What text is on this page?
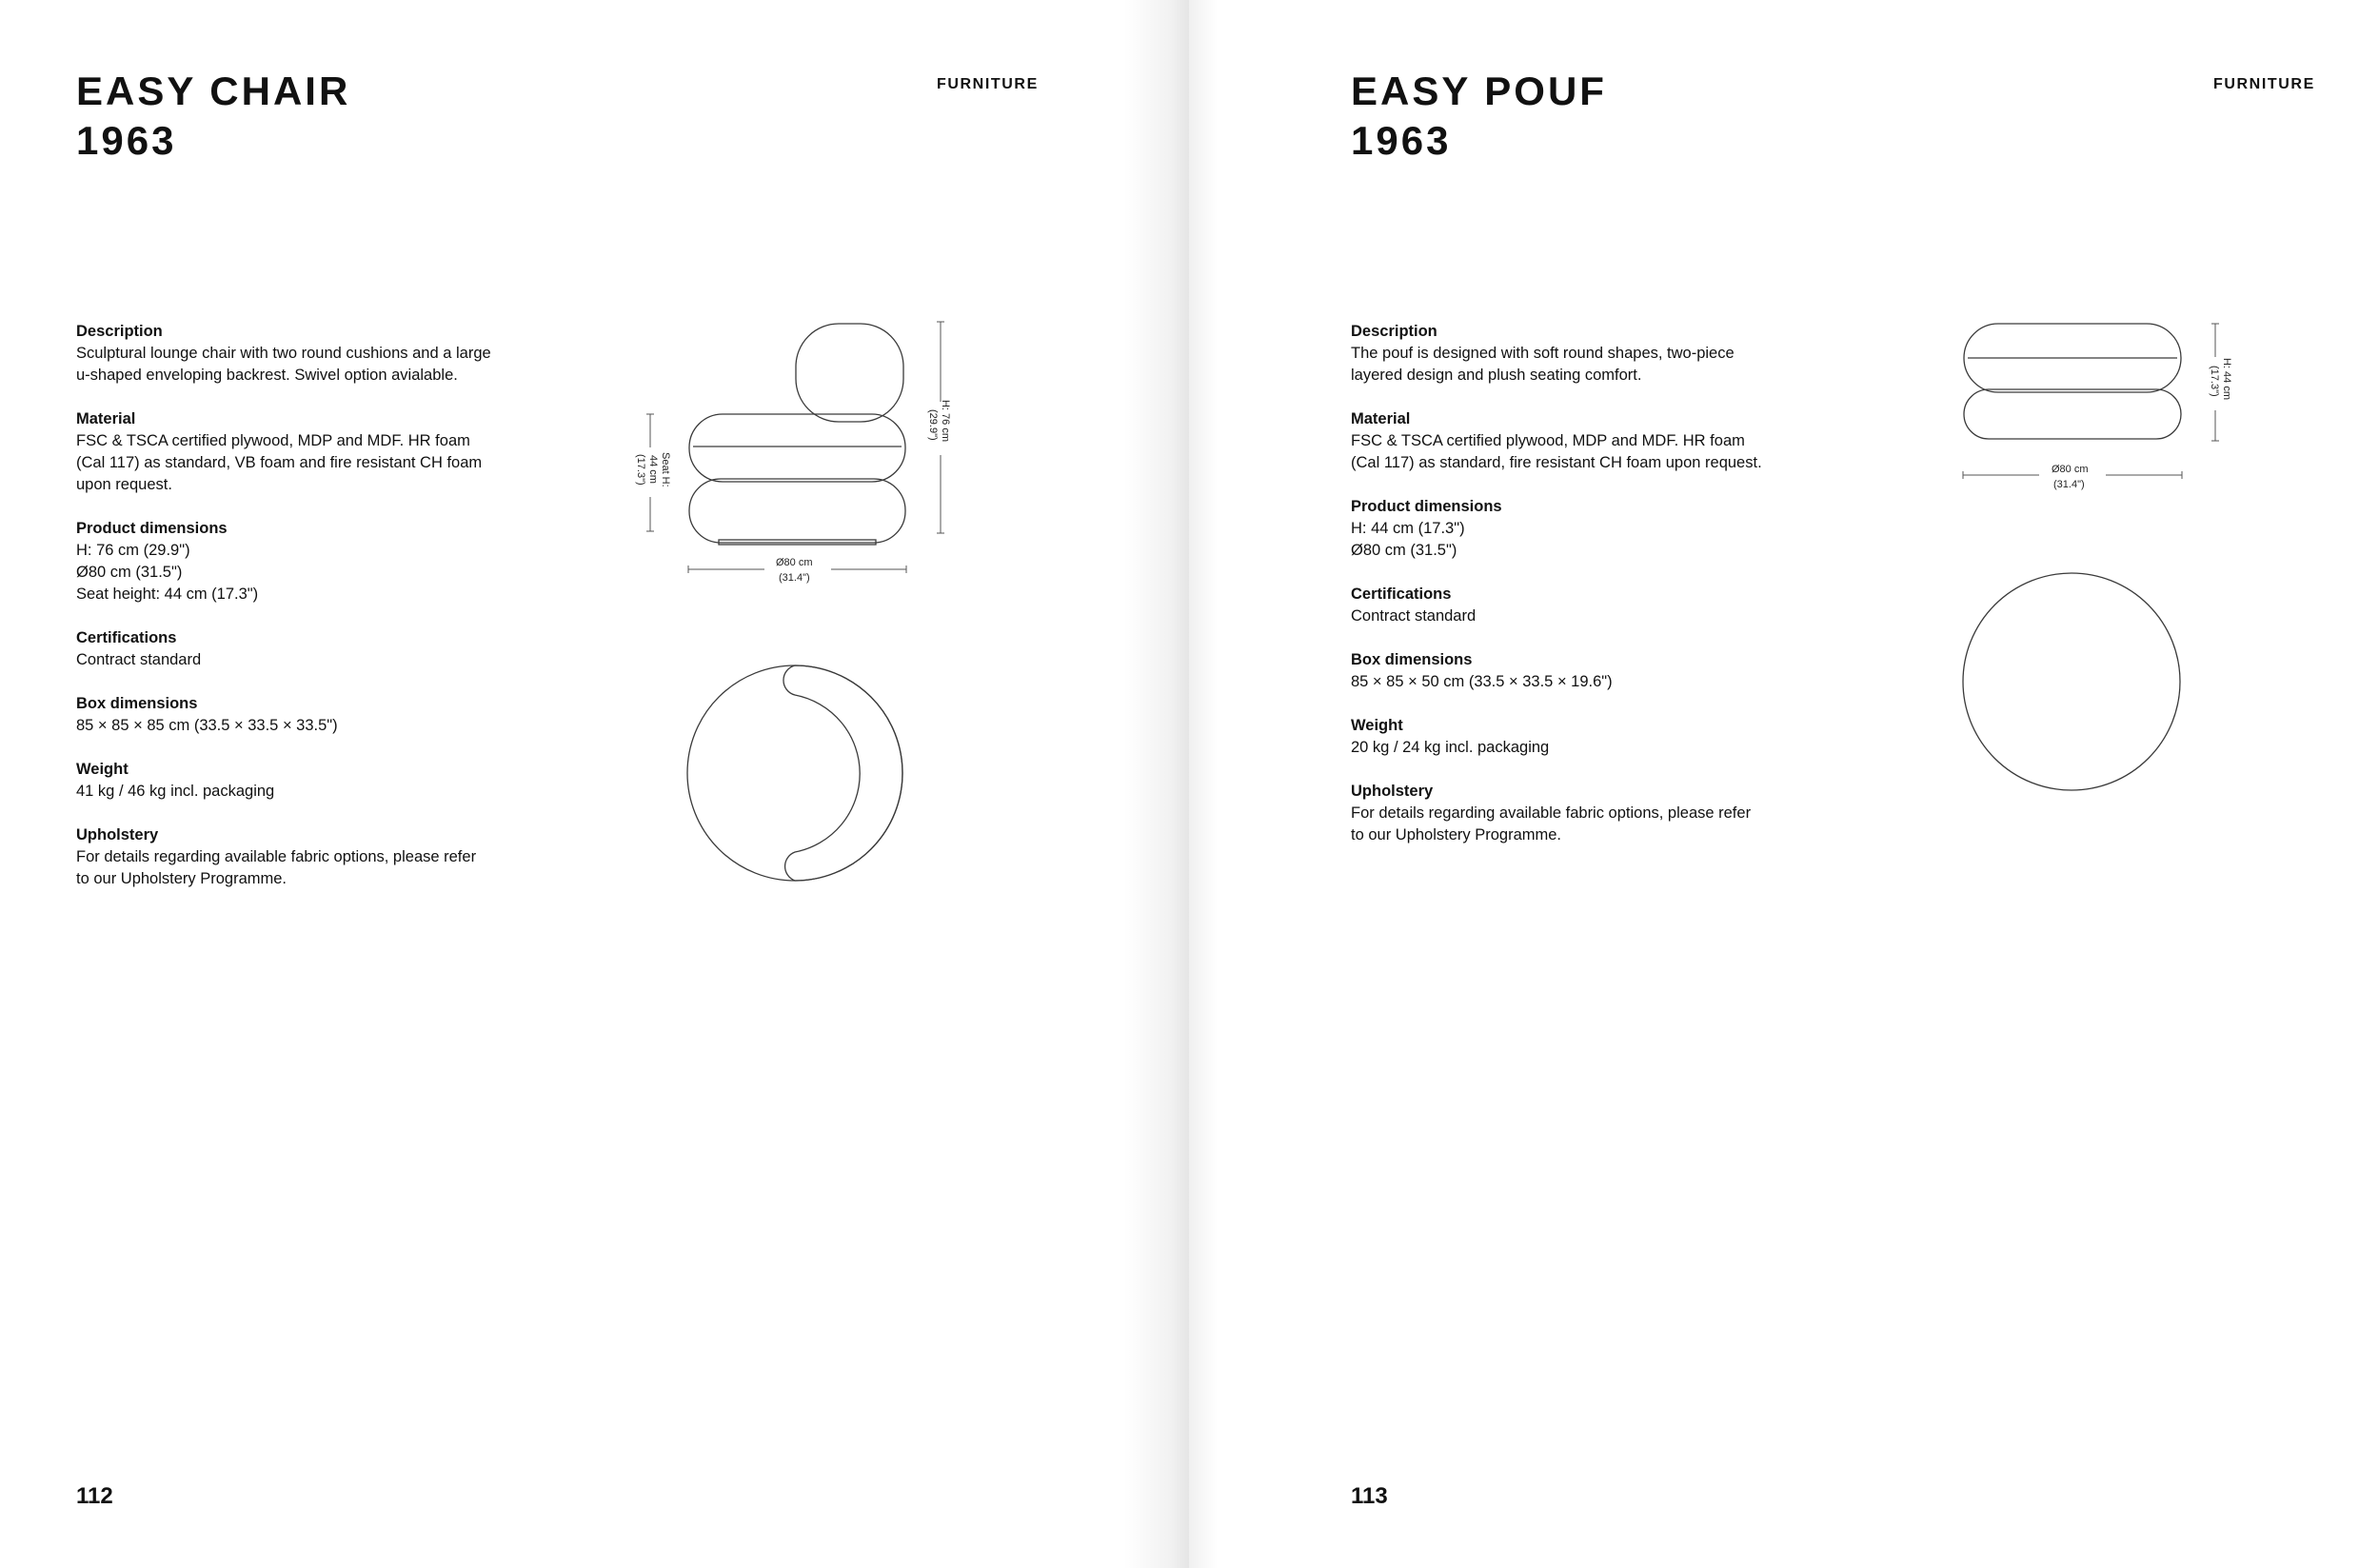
EASY CHAIR
1963
FURNITURE
Description
Sculptural lounge chair with two round cushions and a large
u-shaped enveloping backrest. Swivel option avialable.
Material
FSC & TSCA certified plywood, MDP and MDF. HR foam
(Cal 117) as standard, VB foam and fire resistant CH foam
upon request.
Product dimensions
H: 76 cm (29.9")
Ø80 cm (31.5")
Seat height: 44 cm (17.3")
Certifications
Contract standard
Box dimensions
85 × 85 × 85 cm (33.5 × 33.5 × 33.5")
Weight
41 kg / 46 kg incl. packaging
Upholstery
For details regarding available fabric options, please refer
to our Upholstery Programme.
H: 76 cm
(29.9")
Seat H:
44 cm
(17.3")
Ø80 cm
(31.4")
112
EASY POUF
1963
FURNITURE
Description
The pouf is designed with soft round shapes, two-piece
layered design and plush seating comfort.
Material
FSC & TSCA certified plywood, MDP and MDF. HR foam
(Cal 117) as standard, fire resistant CH foam upon request.
Product dimensions
H: 44 cm (17.3")
Ø80 cm (31.5")
Certifications
Contract standard
Box dimensions
85 × 85 × 50 cm (33.5 × 33.5 × 19.6")
Weight
20 kg / 24 kg incl. packaging
Upholstery
For details regarding available fabric options, please refer
to our Upholstery Programme.
H: 44 cm
(17.3")
Ø80 cm
(31.4")
113
